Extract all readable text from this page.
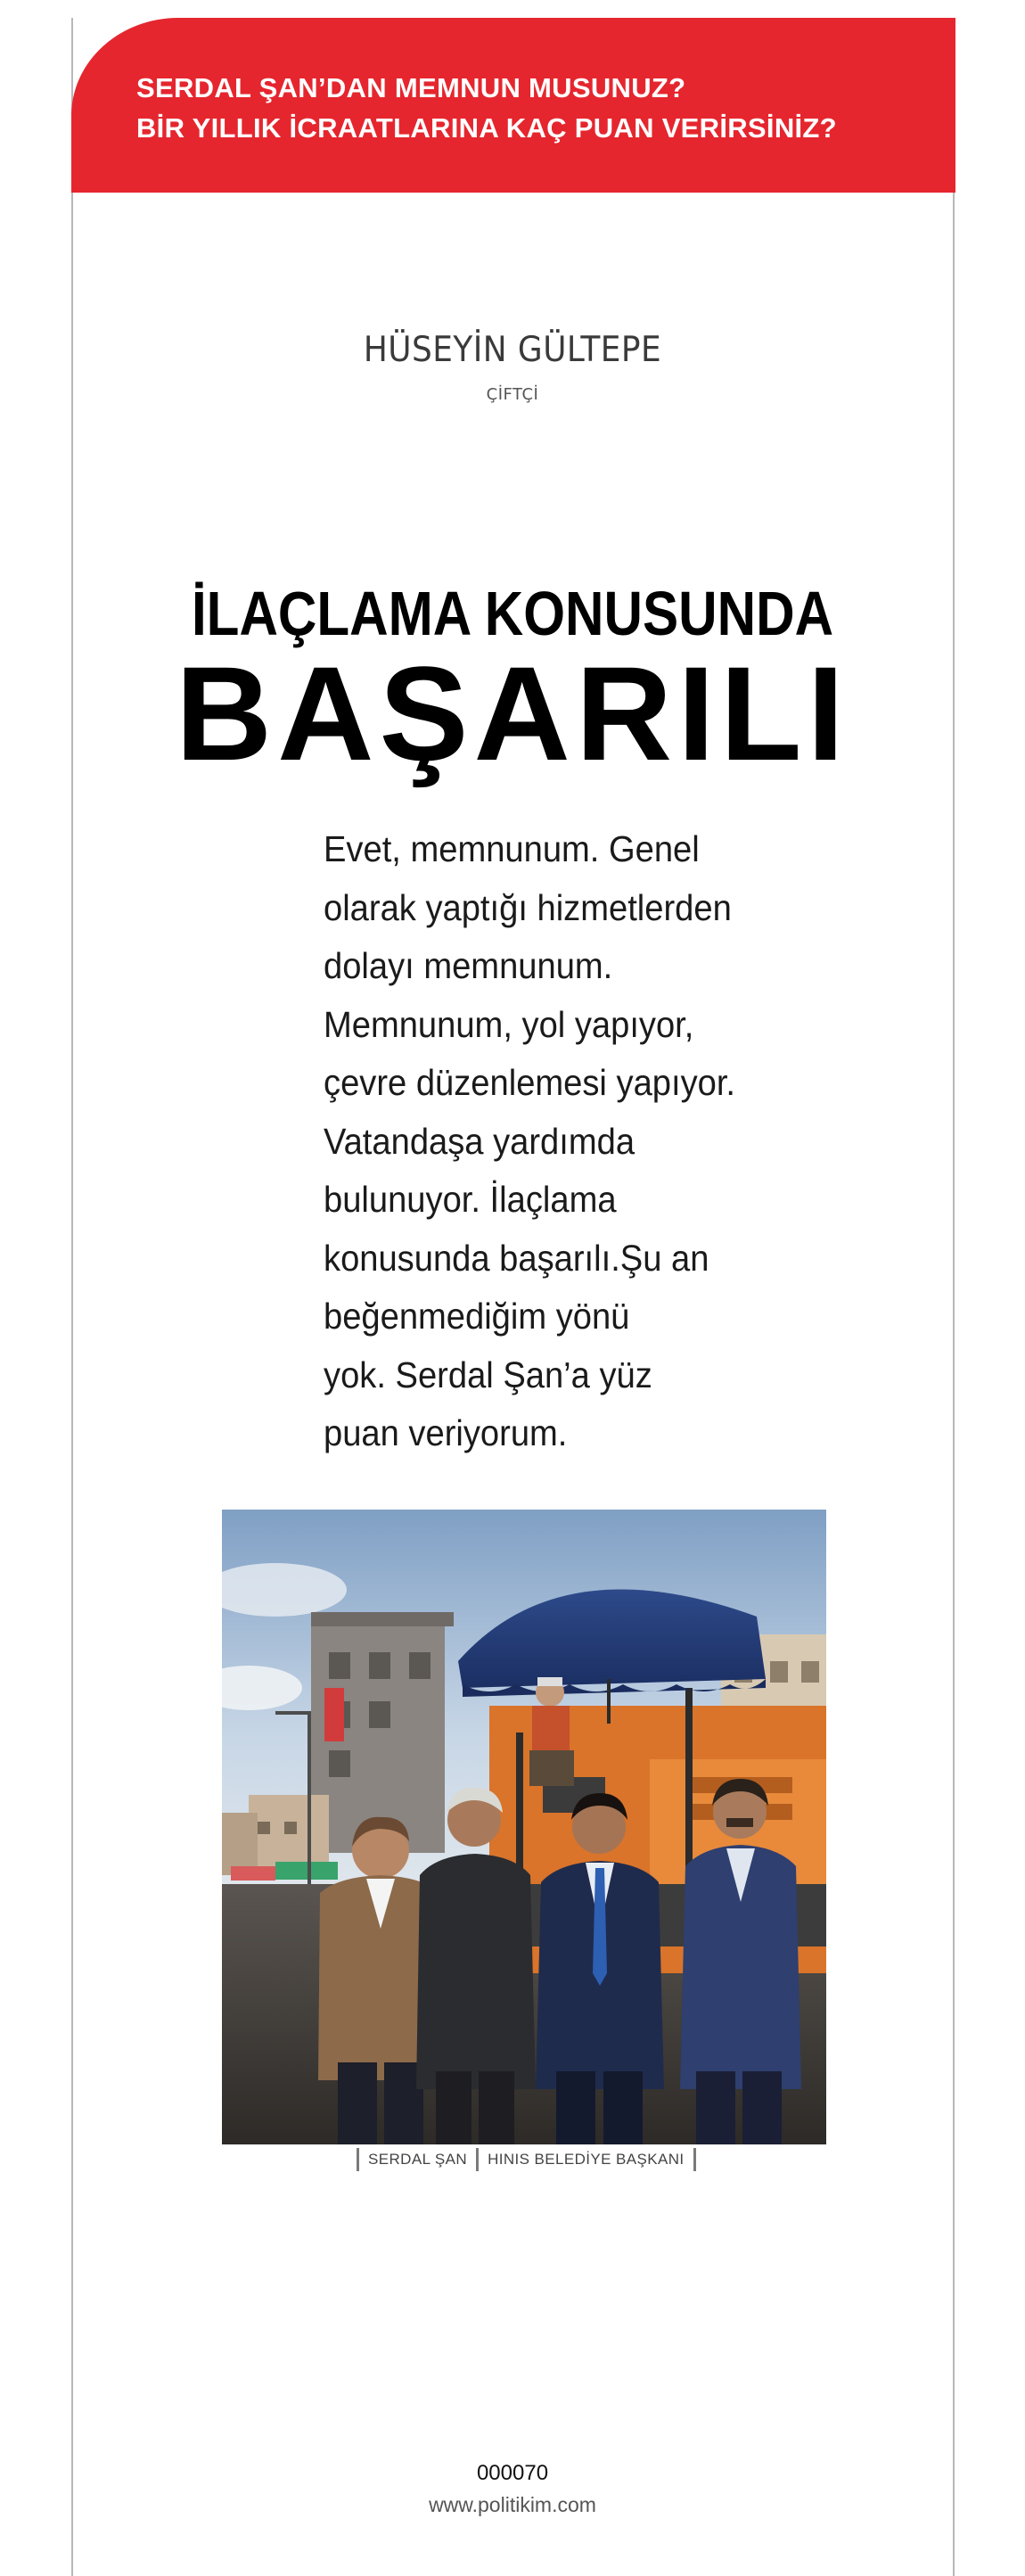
SERDAL ŞAN’DAN MEMNUN MUSUNUZ?
BİR YILLIK İCRAATLARINA KAÇ PUAN VERİRSİNİZ?
HÜSEYİN GÜLTEPE
ÇİFTÇİ
İLAÇLAMA KONUSUNDA
BAŞARILI
Evet, memnunum. Genel
olarak yaptığı hizmetlerden
dolayı memnunum.
Memnunum, yol yapıyor,
çevre düzenlemesi yapıyor.
Vatandaşa yardımda
bulunuyor. İlaçlama
konusunda başarılı.Şu an
beğenmediğim yönü
yok. Serdal Şan’a yüz
puan veriyorum.
SERDAL ŞAN	HINIS BELEDİYE BAŞKANI
000070
www.politikim.com
